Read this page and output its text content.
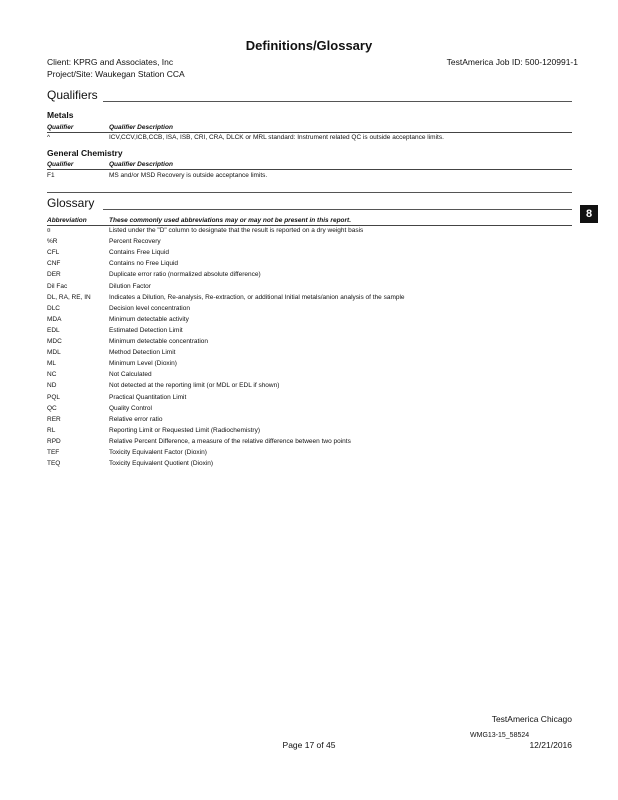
Definitions/Glossary
Client: KPRG and Associates, Inc
Project/Site: Waukegan Station CCA
TestAmerica Job ID: 500-120991-1
Qualifiers
Metals
Qualifier	Qualifier Description
^	ICV,CCV,ICB,CCB, ISA, ISB, CRI, CRA, DLCK or MRL standard: Instrument related QC is outside acceptance limits.
General Chemistry
Qualifier	Qualifier Description
F1	MS and/or MSD Recovery is outside acceptance limits.
Glossary
Abbreviation	These commonly used abbreviations may or may not be present in this report.
¤	Listed under the "D" column to designate that the result is reported on a dry weight basis
%R	Percent Recovery
CFL	Contains Free Liquid
CNF	Contains no Free Liquid
DER	Duplicate error ratio (normalized absolute difference)
Dil Fac	Dilution Factor
DL, RA, RE, IN	Indicates a Dilution, Re-analysis, Re-extraction, or additional Initial metals/anion analysis of the sample
DLC	Decision level concentration
MDA	Minimum detectable activity
EDL	Estimated Detection Limit
MDC	Minimum detectable concentration
MDL	Method Detection Limit
ML	Minimum Level (Dioxin)
NC	Not Calculated
ND	Not detected at the reporting limit (or MDL or EDL if shown)
PQL	Practical Quantitation Limit
QC	Quality Control
RER	Relative error ratio
RL	Reporting Limit or Requested Limit (Radiochemistry)
RPD	Relative Percent Difference, a measure of the relative difference between two points
TEF	Toxicity Equivalent Factor (Dioxin)
TEQ	Toxicity Equivalent Quotient (Dioxin)
8
TestAmerica Chicago
WMG13-15_58524
Page 17 of 45	12/21/2016
